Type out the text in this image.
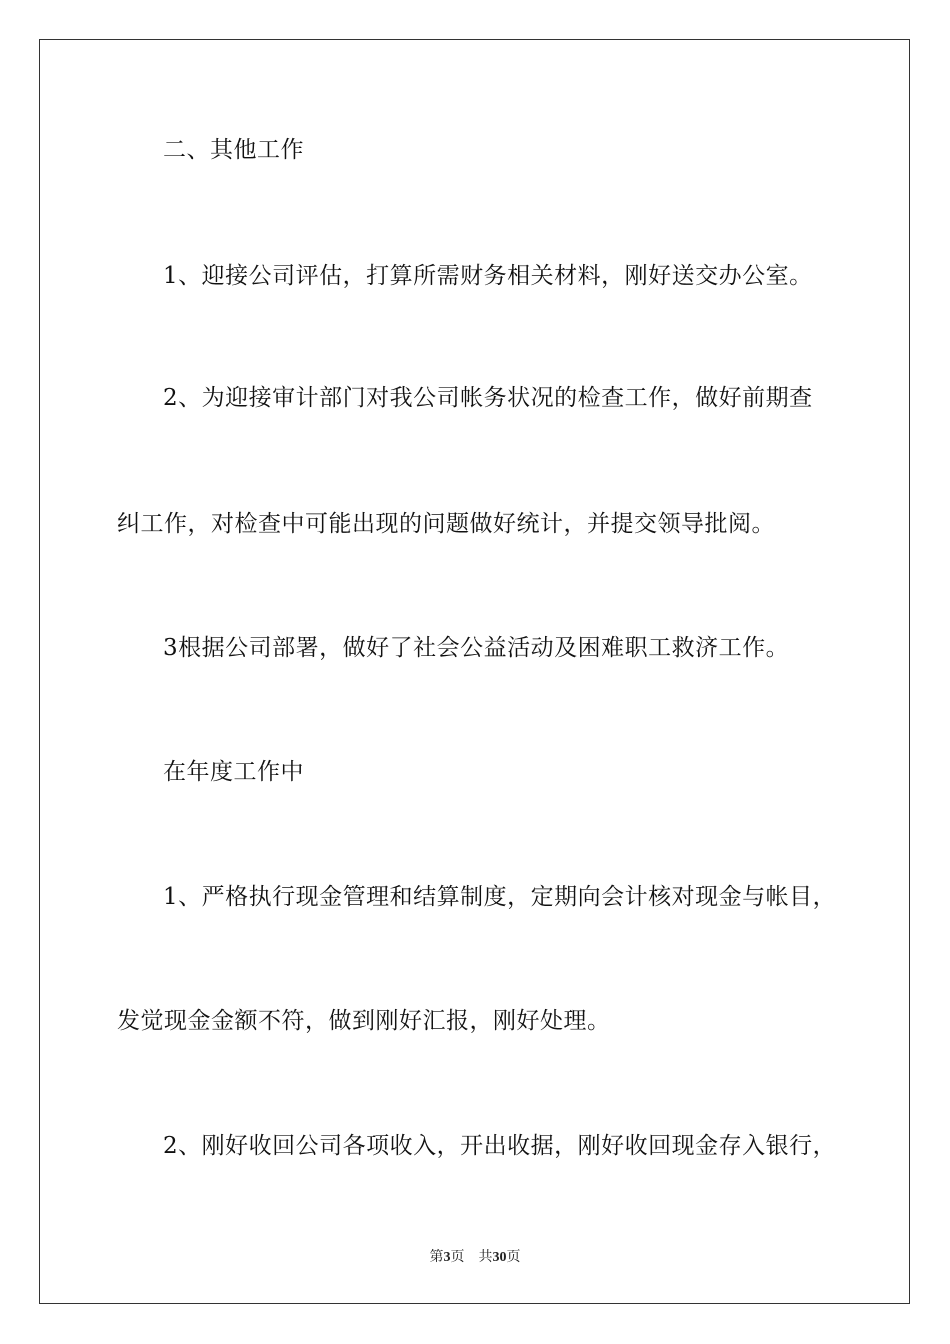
二、其他工作
1、迎接公司评估，打算所需财务相关材料，刚好送交办公室。
2、为迎接审计部门对我公司帐务状况的检查工作，做好前期查
纠工作，对检查中可能出现的问题做好统计，并提交领导批阅。
3根据公司部署，做好了社会公益活动及困难职工救济工作。
在年度工作中
1、严格执行现金管理和结算制度，定期向会计核对现金与帐目，
发觉现金金额不符，做到刚好汇报，刚好处理。
2、刚好收回公司各项收入，开出收据，刚好收回现金存入银行，
第3页 共30页
